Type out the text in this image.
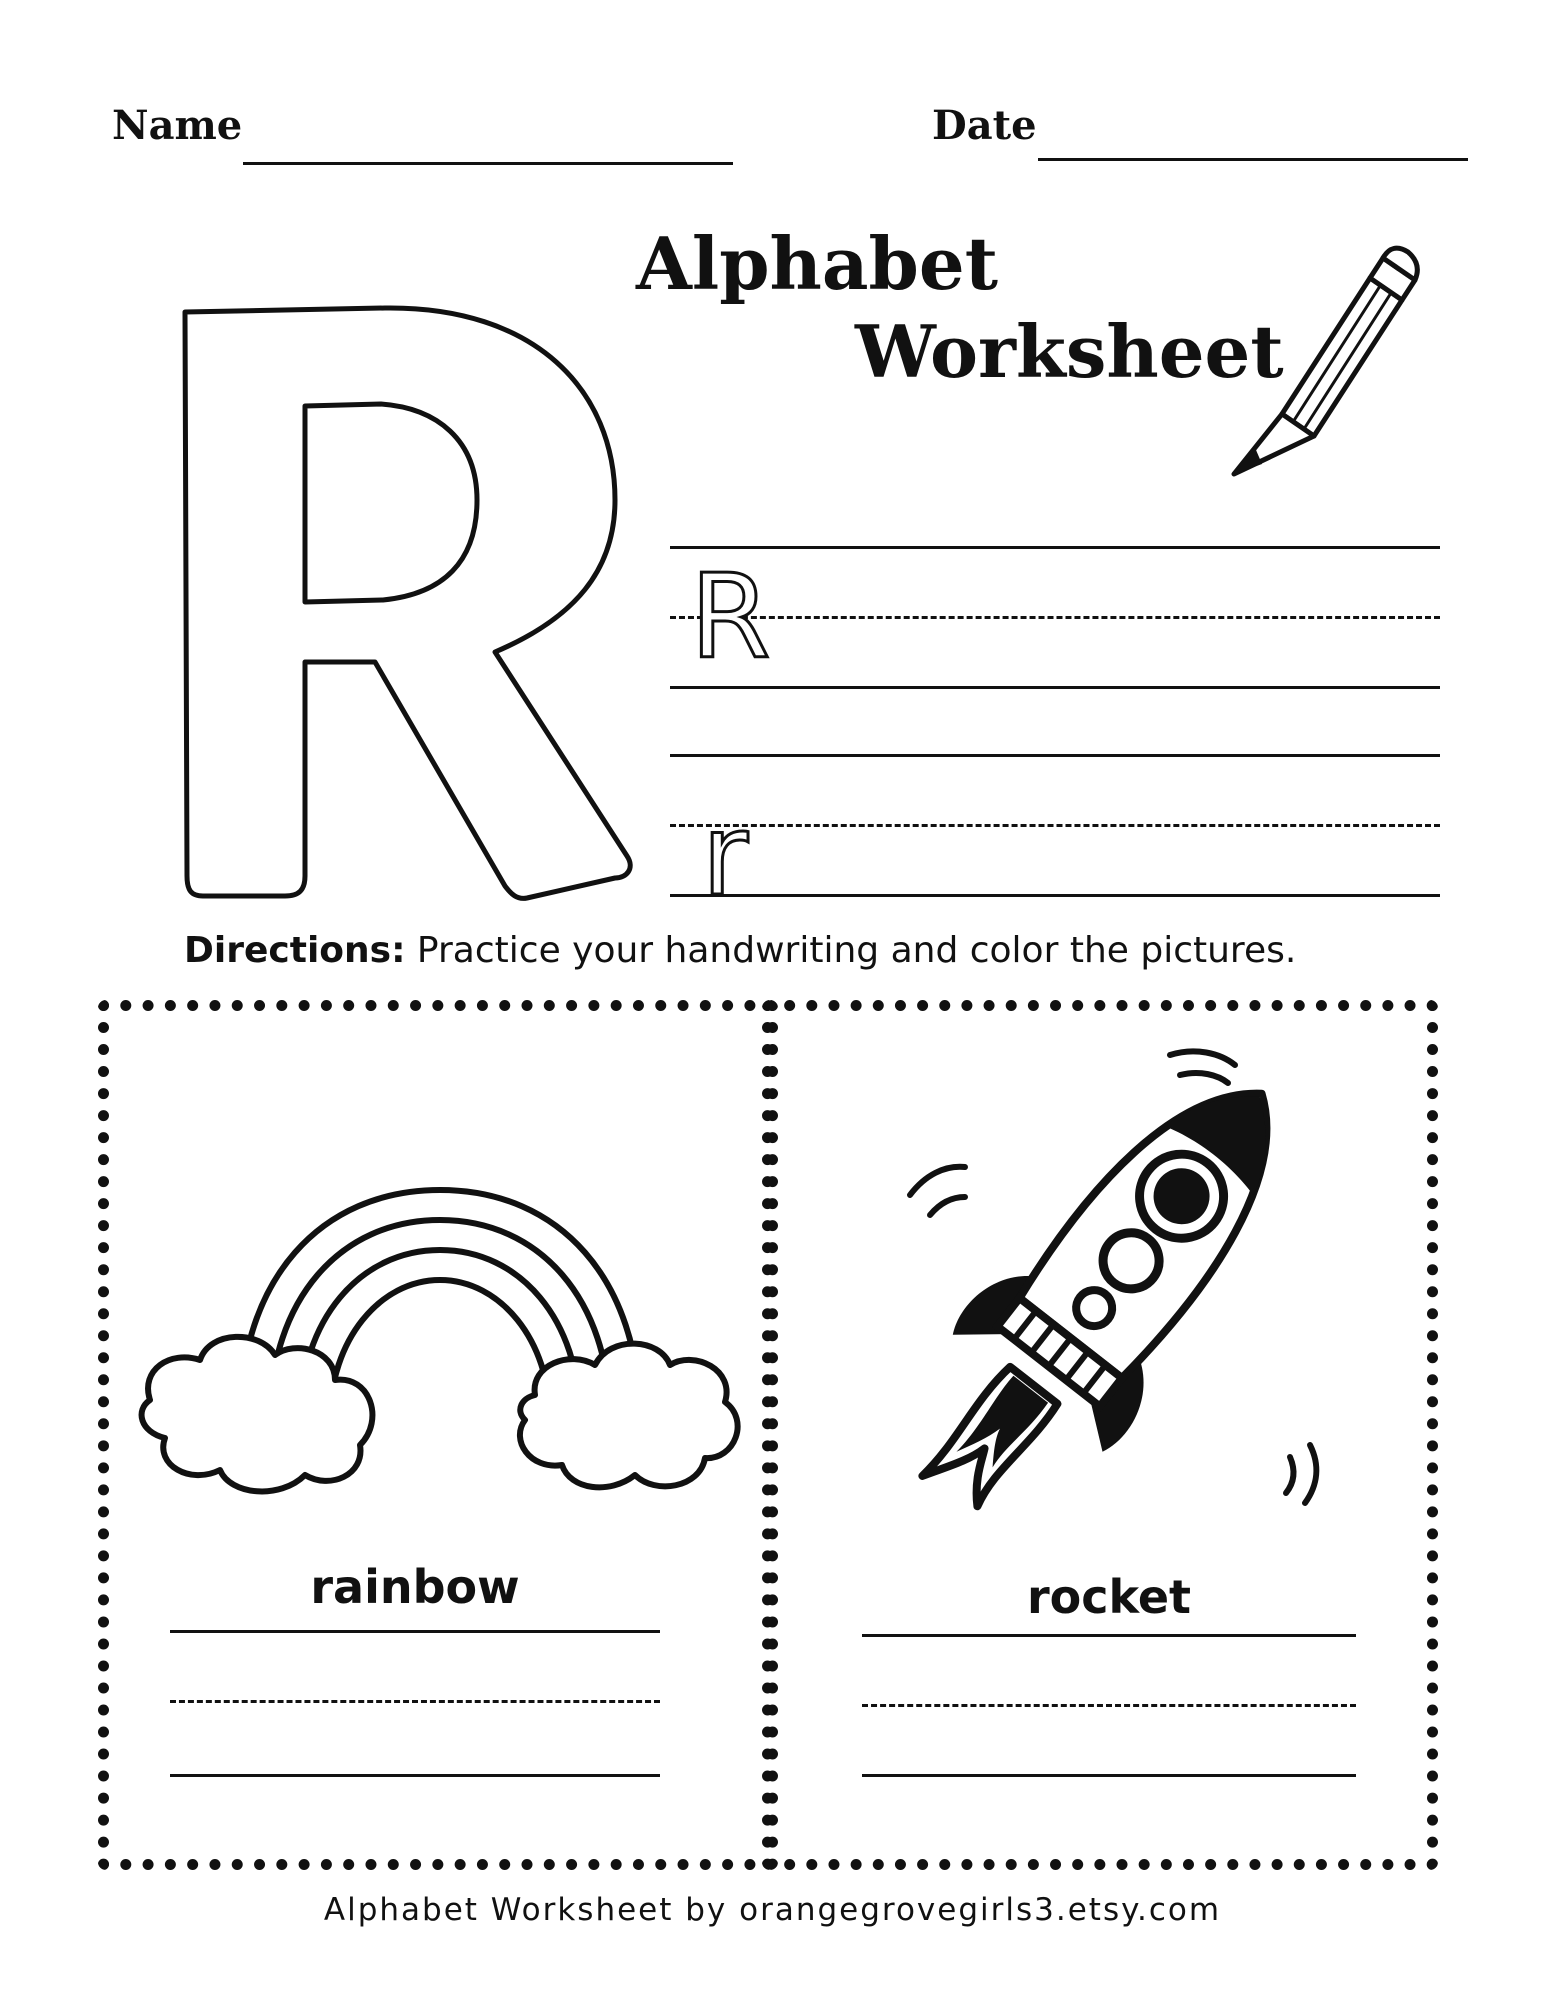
Name	Date
Alphabet
Worksheet
R
r
Directions: Practice your handwriting and color the pictures.
rainbow	rocket
Alphabet Worksheet by orangegrovegirls3.etsy.com
